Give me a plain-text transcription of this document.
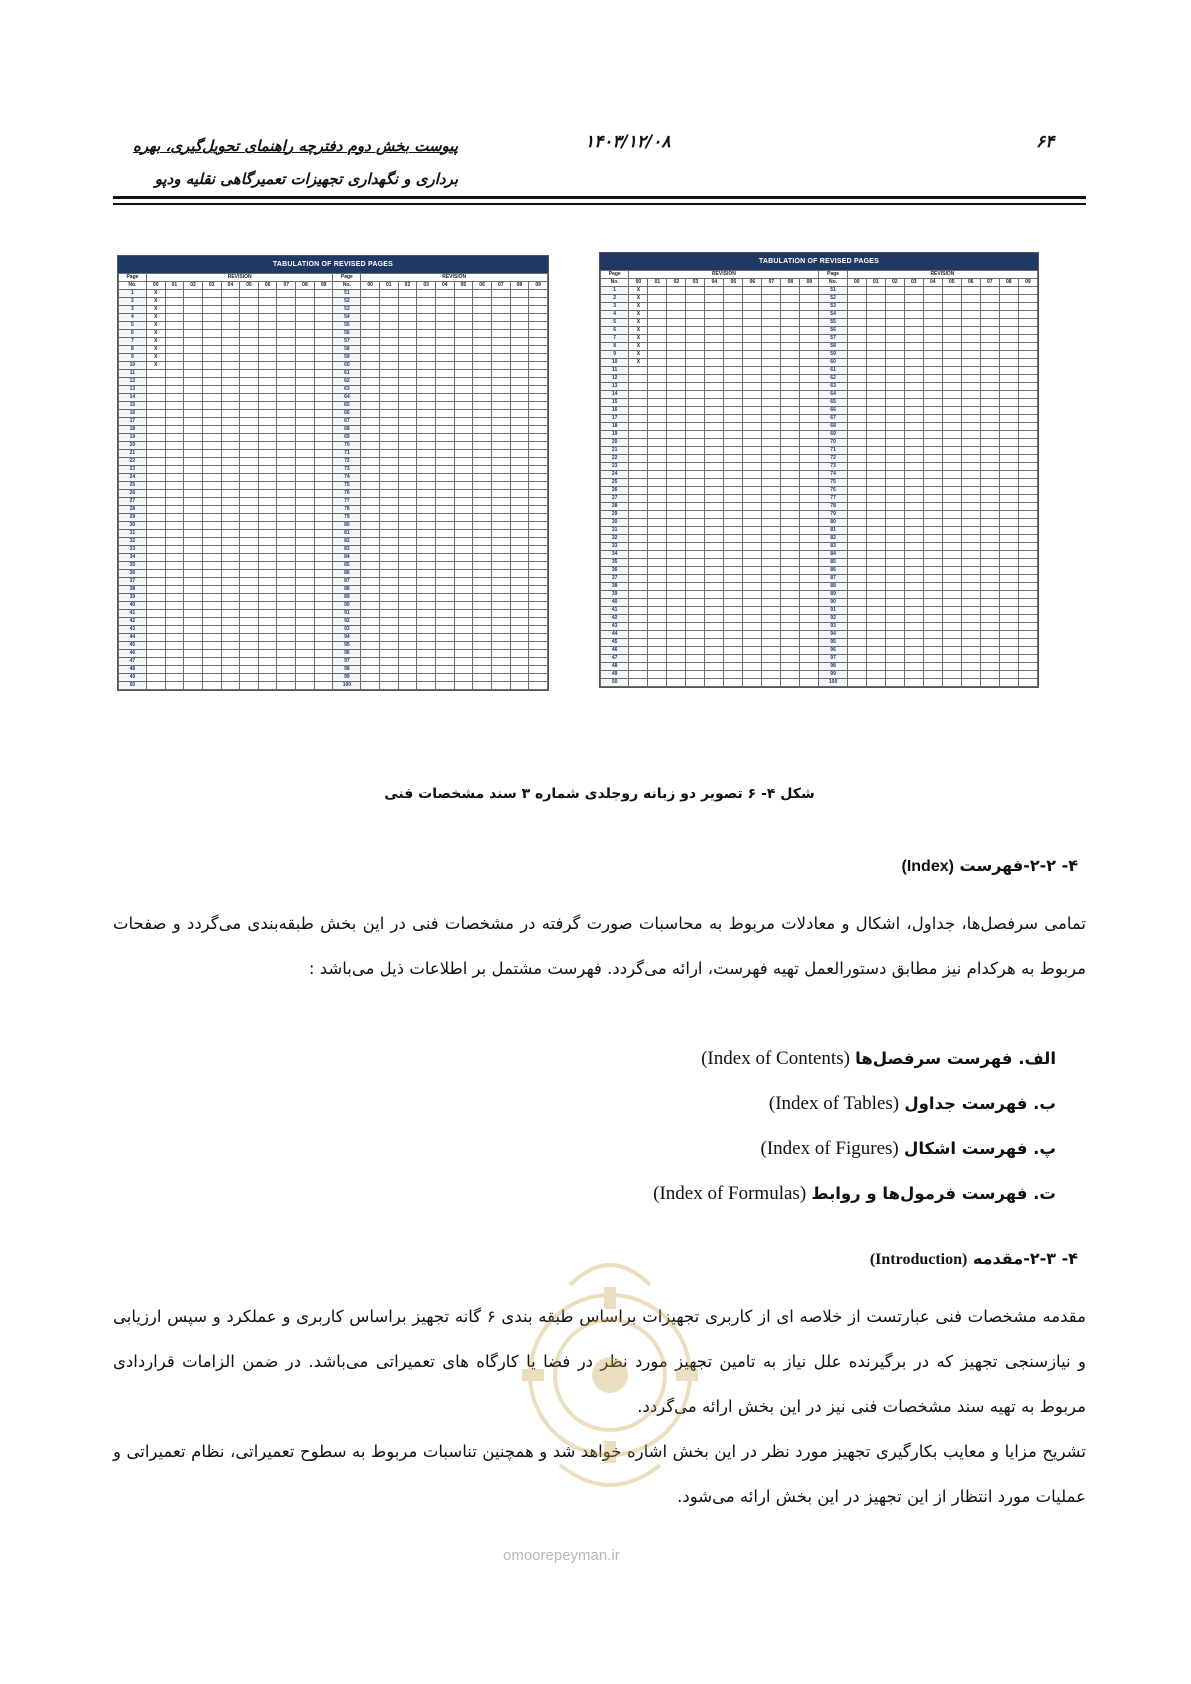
۶۴
۱۴۰۳/۱۲/۰۸
پیوست بخش دوم دفترچه راهنمای تحویل‌گیری، بهره
برداری و نگهداری تجهیزات تعمیرگاهی نقلیه ودپو
TABULATION OF REVISED PAGES
Page	REVISION										Page	REVISION									
No.	00	01	02	03	04	05	06	07	08	09	No.	00	01	02	03	04	05	06	07	08	09
1	X										51										
2	X										52										
3	X										53										
4	X										54										
5	X										55										
6	X										56										
7	X										57										
8	X										58										
9	X										59										
10	X										60										
11											61										
12											62										
13											63										
14											64										
15											65										
16											66										
17											67										
18											68										
19											69										
20											70										
21											71										
22											72										
23											73										
24											74										
25											75										
26											76										
27											77										
28											78										
29											79										
30											80										
31											81										
32											82										
33											83										
34											84										
35											85										
36											86										
37											87										
38											88										
39											89										
40											90										
41											91										
42											92										
43											93										
44											94										
45											95										
46											96										
47											97										
48											98										
49											99										
50											100										
TABULATION OF REVISED PAGES
Page	REVISION										Page	REVISION									
No.	00	01	02	03	04	05	06	07	08	09	No.	00	01	02	03	04	05	06	07	08	09
1	X										51										
2	X										52										
3	X										53										
4	X										54										
5	X										55										
6	X										56										
7	X										57										
8	X										58										
9	X										59										
10	X										60										
11											61										
12											62										
13											63										
14											64										
15											65										
16											66										
17											67										
18											68										
19											69										
20											70										
21											71										
22											72										
23											73										
24											74										
25											75										
26											76										
27											77										
28											78										
29											79										
30											80										
31											81										
32											82										
33											83										
34											84										
35											85										
36											86										
37											87										
38											88										
39											89										
40											90										
41											91										
42											92										
43											93										
44											94										
45											95										
46											96										
47											97										
48											98										
49											99										
50											100										
شکل ۴- ۶ تصویر دو زبانه روجلدی شماره ۳ سند مشخصات فنی
۴- ۲-۲-فهرست (Index)
تمامی سرفصل‌ها، جداول، اشکال و معادلات مربوط به محاسبات صورت گرفته در مشخصات فنی در این بخش طبقه‌بندی می‌گردد و صفحات مربوط به هرکدام نیز مطابق دستورالعمل تهیه فهرست، ارائه می‌گردد. فهرست مشتمل بر اطلاعات ذیل می‌باشد :
الف. فهرست سرفصل‌ها (Index of Contents)
ب. فهرست جداول (Index of Tables)
پ. فهرست اشکال (Index of Figures)
ت. فهرست فرمول‌ها و روابط (Index of Formulas)
۴- ۲-۳-مقدمه (Introduction)
مقدمه مشخصات فنی عبارتست از خلاصه ای از کاربری تجهیزات براساس طبقه بندی ۶ گانه تجهیز براساس کاربری و عملکرد و سپس ارزیابی و نیازسنجی تجهیز که در برگیرنده علل نیاز به تامین تجهیز مورد نظر در فضا یا کارگاه های تعمیراتی می‌باشد. در ضمن الزامات قراردادی مربوط به تهیه سند مشخصات فنی نیز در این بخش ارائه می‌گردد.
تشریح مزایا و معایب بکارگیری تجهیز مورد نظر در این بخش اشاره خواهد شد و همچنین تناسبات مربوط به سطوح تعمیراتی، نظام تعمیراتی و عملیات مورد انتظار از این تجهیز در این بخش ارائه می‌شود.
omoorepeyman.ir
